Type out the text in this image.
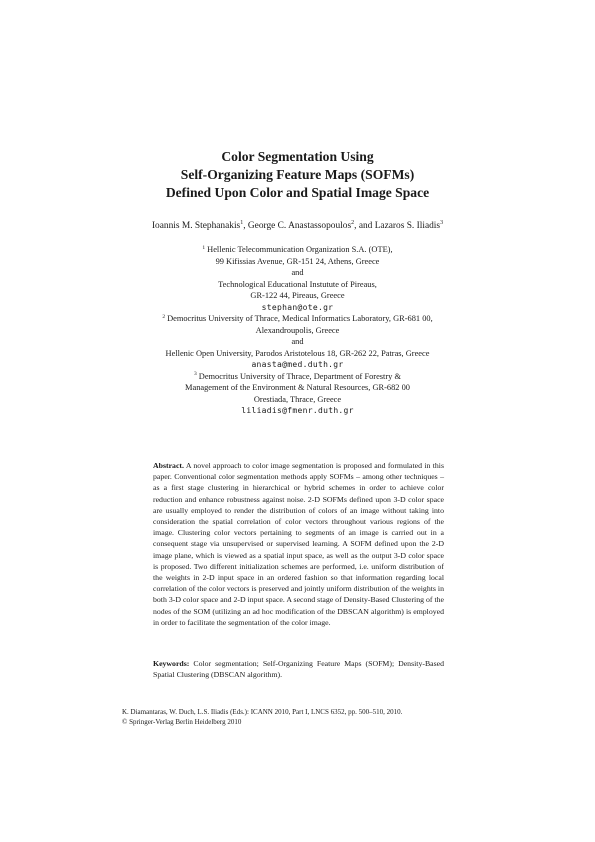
Color Segmentation Using
Self-Organizing Feature Maps (SOFMs)
Defined Upon Color and Spatial Image Space
Ioannis M. Stephanakis$^1$, George C. Anastassopoulos$^2$, and Lazaros S. Iliadis$^3$
$^1$ Hellenic Telecommunication Organization S.A. (OTE),
99 Kifissias Avenue, GR-151 24, Athens, Greece
and
Technological Educational Instutute of Pireaus,
GR-122 44, Pireaus, Greece
stephan@ote.gr
$^2$ Democritus University of Thrace, Medical Informatics Laboratory, GR-681 00,
Alexandroupolis, Greece
and
Hellenic Open University, Parodos Aristotelous 18, GR-262 22, Patras, Greece
anasta@med.duth.gr
$^3$ Democritus University of Thrace, Department of Forestry &
Management of the Environment & Natural Resources, GR-682 00
Orestiada, Thrace, Greece
liliadis@fmenr.duth.gr
Abstract. A novel approach to color image segmentation is proposed and formulated in this paper. Conventional color segmentation methods apply SOFMs – among other techniques – as a first stage clustering in hierarchical or hybrid schemes in order to achieve color reduction and enhance robustness against noise. 2-D SOFMs defined upon 3-D color space are usually employed to render the distribution of colors of an image without taking into consideration the spatial correlation of color vectors throughout various regions of the image. Clustering color vectors pertaining to segments of an image is carried out in a consequent stage via unsupervised or supervised learning. A SOFM defined upon the 2-D image plane, which is viewed as a spatial input space, as well as the output 3-D color space is proposed. Two different initialization schemes are performed, i.e. uniform distribution of the weights in 2-D input space in an ordered fashion so that information regarding local correlation of the color vectors is preserved and jointly uniform distribution of the weights in both 3-D color space and 2-D input space. A second stage of Density-Based Clustering of the nodes of the SOM (utilizing an ad hoc modification of the DBSCAN algorithm) is employed in order to facilitate the segmentation of the color image.
Keywords: Color segmentation; Self-Organizing Feature Maps (SOFM); Density-Based Spatial Clustering (DBSCAN algorithm).
K. Diamantaras, W. Duch, L.S. Iliadis (Eds.): ICANN 2010, Part I, LNCS 6352, pp. 500–510, 2010.
© Springer-Verlag Berlin Heidelberg 2010
